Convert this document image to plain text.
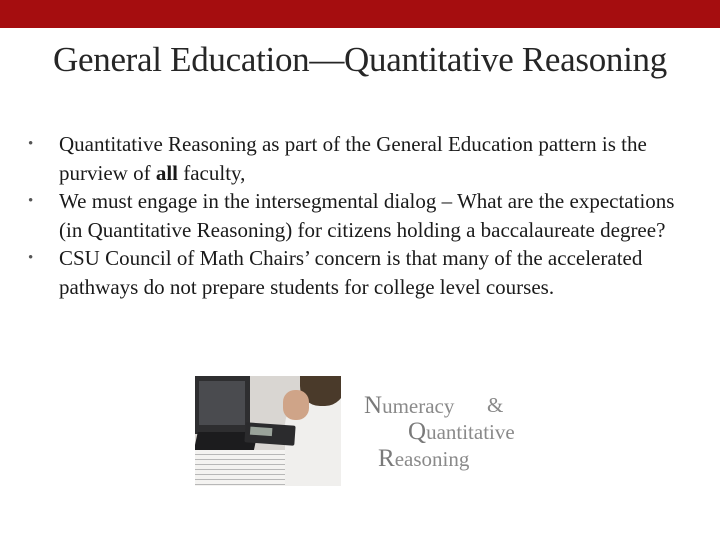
General Education—Quantitative Reasoning
•	Quantitative Reasoning as part of the General Education pattern is the purview of all faculty,
•	We must engage in the intersegmental dialog – What are the expectations (in Quantitative Reasoning) for citizens holding a baccalaureate degree?
•	CSU Council of Math Chairs’ concern is that many of the accelerated pathways do not prepare students for college level courses.
Numeracy &
Quantitative
Reasoning
